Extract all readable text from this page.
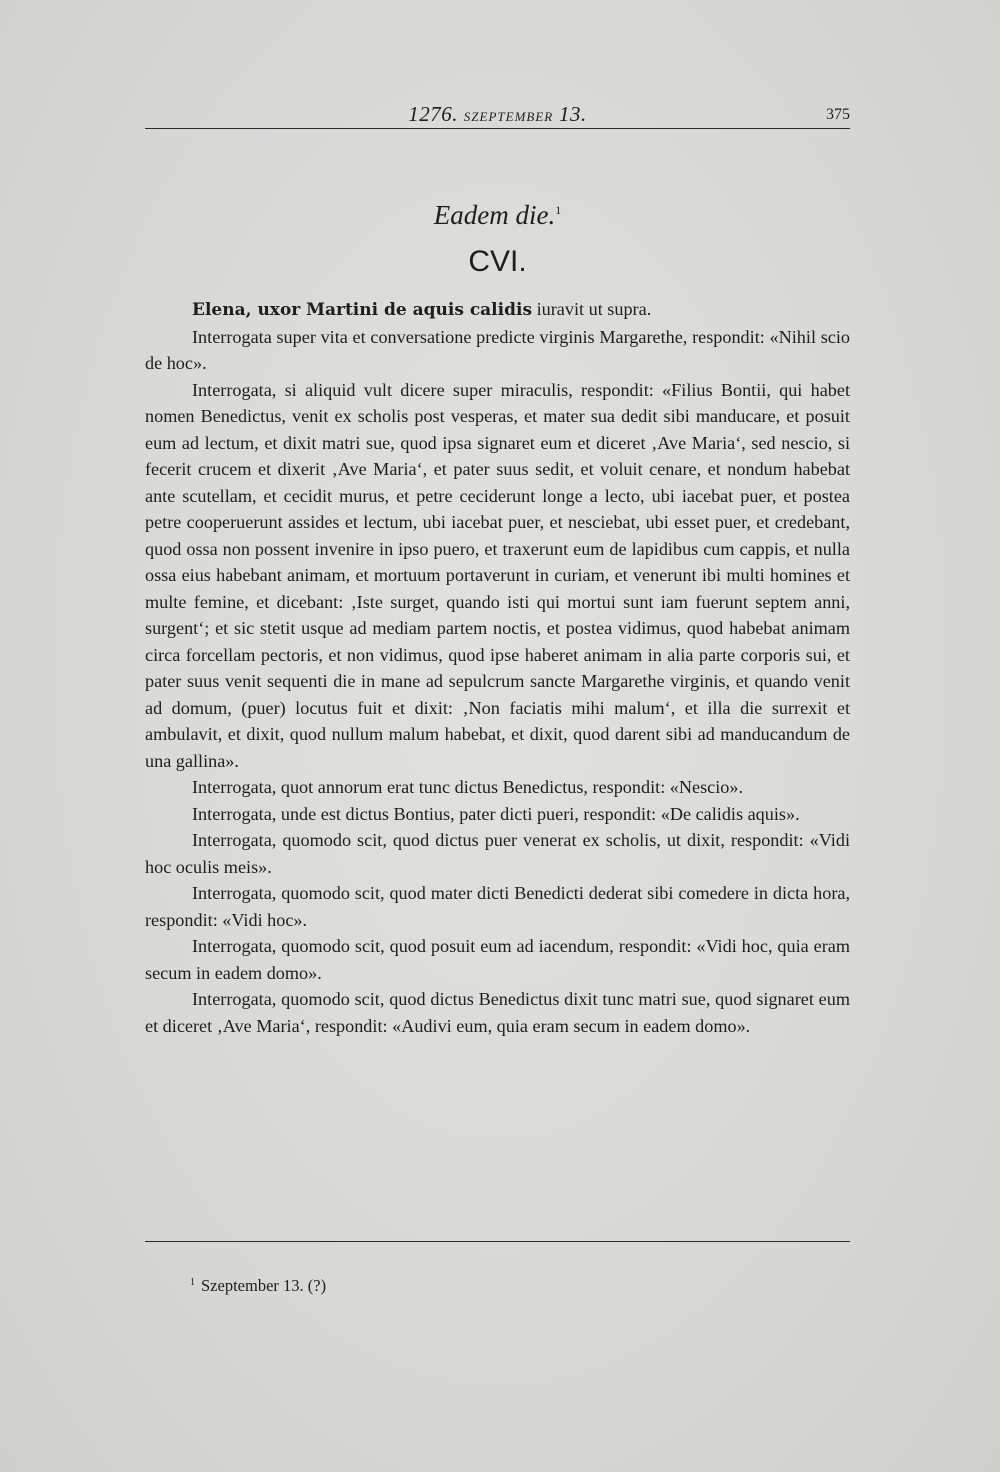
1276. SZEPTEMBER 13.	375
Eadem die.$^1$
CVI.

Elena, uxor Martini de aquis calidis iuravit ut supra.

Interrogata super vita et conversatione predicte virginis Margarethe, respondit: «Nihil scio de hoc».

Interrogata, si aliquid vult dicere super miraculis, respondit: «Filius Bontii, qui habet nomen Benedictus, venit ex scholis post vesperas, et mater sua dedit sibi manducare, et posuit eum ad lectum, et dixit matri sue, quod ipsa signaret eum et diceret ‚Ave Maria‘, sed nescio, si fecerit crucem et dixerit ‚Ave Maria‘, et pater suus sedit, et voluit cenare, et nondum habebat ante scutellam, et cecidit murus, et petre ceciderunt longe a lecto, ubi iacebat puer, et postea petre cooperuerunt assides et lectum, ubi iacebat puer, et nesciebat, ubi esset puer, et credebant, quod ossa non possent invenire in ipso puero, et traxerunt eum de lapidibus cum cappis, et nulla ossa eius habebant animam, et mortuum portaverunt in curiam, et venerunt ibi multi homines et multe femine, et dicebant: ‚Iste surget, quando isti qui mortui sunt iam fuerunt septem anni, surgent‘; et sic stetit usque ad mediam partem noctis, et postea vidimus, quod habebat animam circa forcellam pectoris, et non vidimus, quod ipse haberet animam in alia parte corporis sui, et pater suus venit sequenti die in mane ad sepulcrum sancte Margarethe virginis, et quando venit ad domum, (puer) locutus fuit et dixit: ‚Non faciatis mihi malum‘, et illa die surrexit et ambulavit, et dixit, quod nullum malum habebat, et dixit, quod darent sibi ad manducandum de una gallina».

Interrogata, quot annorum erat tunc dictus Benedictus, respondit: «Nescio».

Interrogata, unde est dictus Bontius, pater dicti pueri, respondit: «De calidis aquis».

Interrogata, quomodo scit, quod dictus puer venerat ex scholis, ut dixit, respondit: «Vidi hoc oculis meis».

Interrogata, quomodo scit, quod mater dicti Benedicti dederat sibi comedere in dicta hora, respondit: «Vidi hoc».

Interrogata, quomodo scit, quod posuit eum ad iacendum, respondit: «Vidi hoc, quia eram secum in eadem domo».

Interrogata, quomodo scit, quod dictus Benedictus dixit tunc matri sue, quod signaret eum et diceret ‚Ave Maria‘, respondit: «Audivi eum, quia eram secum in eadem domo».

$^1$ Szeptember 13. (?)
